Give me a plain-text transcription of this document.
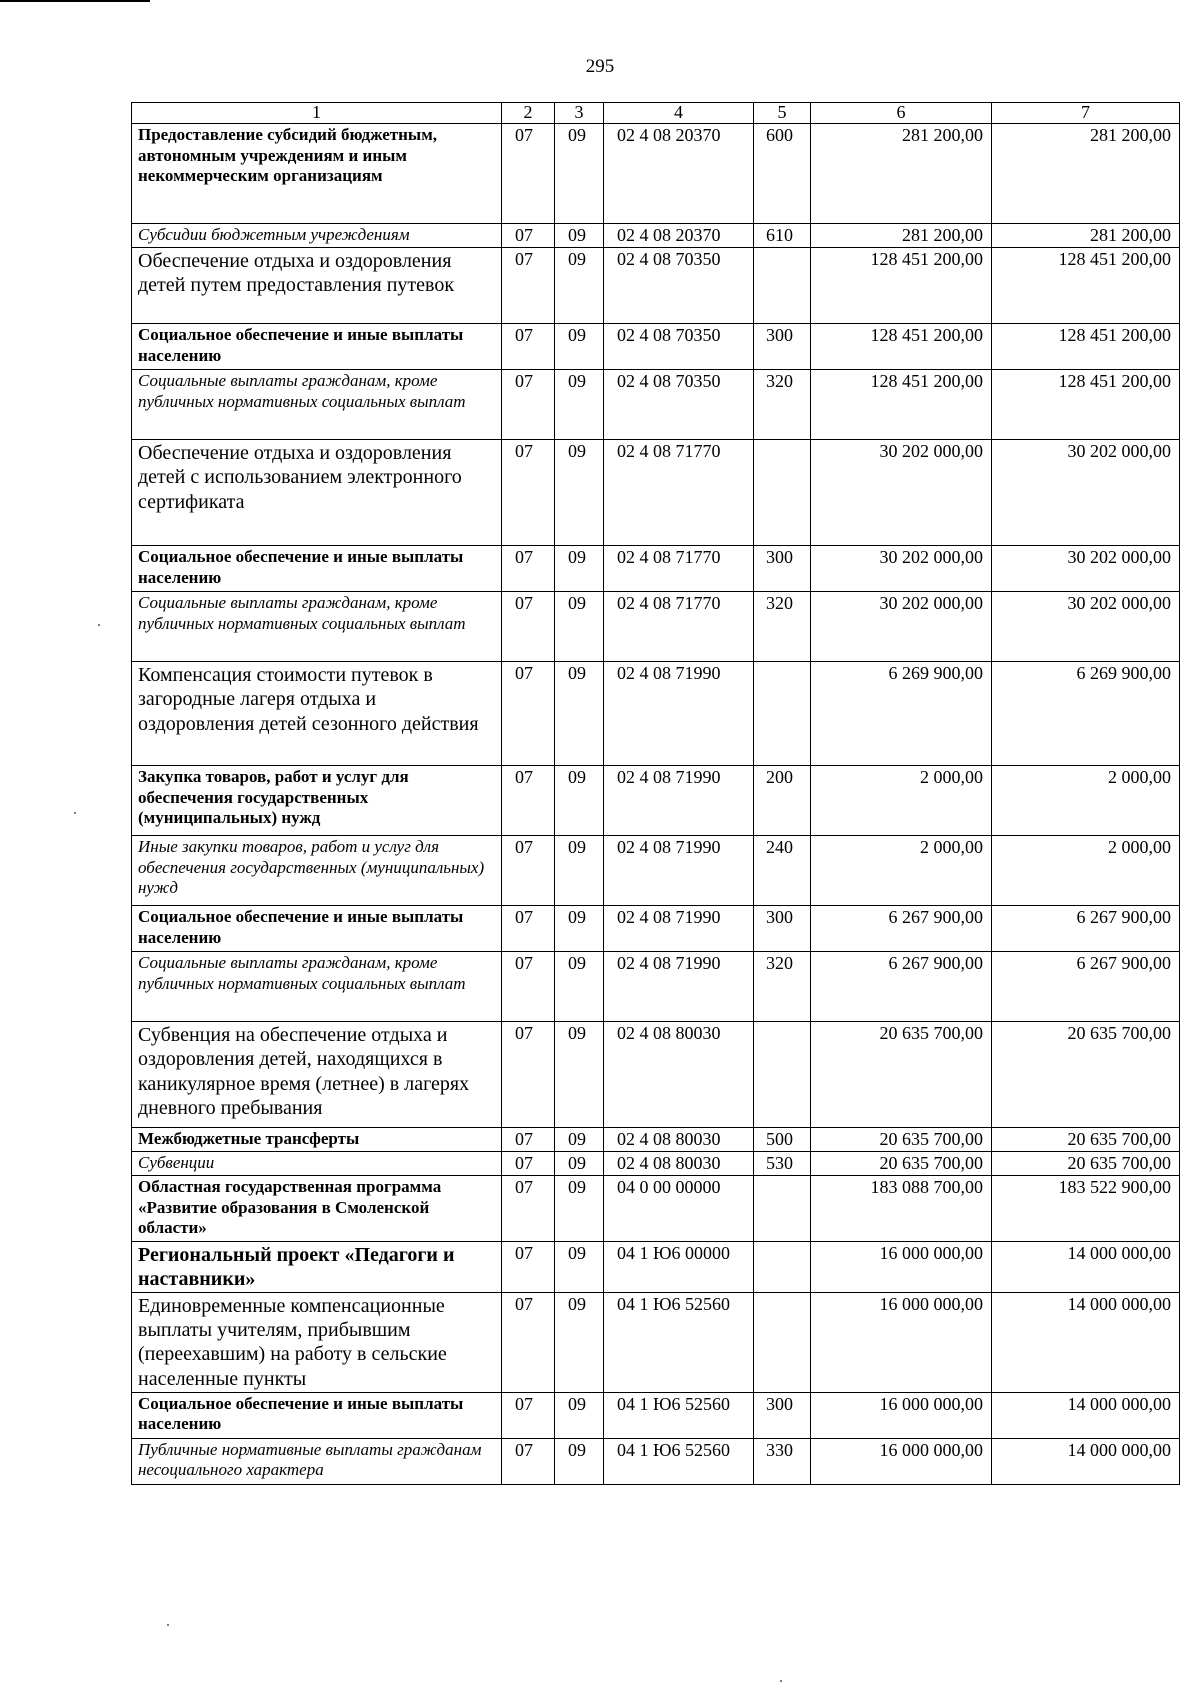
295
1	2	3	4	5	6	7
Предоставление субсидий бюджетным, автономным учреждениям и иным некоммерческим организациям	07	09	02 4 08 20370	600	281 200,00	281 200,00
Субсидии бюджетным учреждениям	07	09	02 4 08 20370	610	281 200,00	281 200,00
Обеспечение отдыха и оздоровления детей путем предоставления путевок	07	09	02 4 08 70350		128 451 200,00	128 451 200,00
Социальное обеспечение и иные выплаты населению	07	09	02 4 08 70350	300	128 451 200,00	128 451 200,00
Социальные выплаты гражданам, кроме публичных нормативных социальных выплат	07	09	02 4 08 70350	320	128 451 200,00	128 451 200,00
Обеспечение отдыха и оздоровления детей с использованием электронного сертификата	07	09	02 4 08 71770		30 202 000,00	30 202 000,00
Социальное обеспечение и иные выплаты населению	07	09	02 4 08 71770	300	30 202 000,00	30 202 000,00
Социальные выплаты гражданам, кроме публичных нормативных социальных выплат	07	09	02 4 08 71770	320	30 202 000,00	30 202 000,00
Компенсация стоимости путевок в загородные лагеря отдыха и оздоровления детей сезонного действия	07	09	02 4 08 71990		6 269 900,00	6 269 900,00
Закупка товаров, работ и услуг для обеспечения государственных (муниципальных) нужд	07	09	02 4 08 71990	200	2 000,00	2 000,00
Иные закупки товаров, работ и услуг для обеспечения государственных (муниципальных) нужд	07	09	02 4 08 71990	240	2 000,00	2 000,00
Социальное обеспечение и иные выплаты населению	07	09	02 4 08 71990	300	6 267 900,00	6 267 900,00
Социальные выплаты гражданам, кроме публичных нормативных социальных выплат	07	09	02 4 08 71990	320	6 267 900,00	6 267 900,00
Субвенция на обеспечение отдыха и оздоровления детей, находящихся в каникулярное время (летнее) в лагерях дневного пребывания	07	09	02 4 08 80030		20 635 700,00	20 635 700,00
Межбюджетные трансферты	07	09	02 4 08 80030	500	20 635 700,00	20 635 700,00
Субвенции	07	09	02 4 08 80030	530	20 635 700,00	20 635 700,00
Областная государственная программа «Развитие образования в Смоленской области»	07	09	04 0 00 00000		183 088 700,00	183 522 900,00
Региональный проект «Педагоги и наставники»	07	09	04 1 Ю6 00000		16 000 000,00	14 000 000,00
Единовременные компенсационные выплаты учителям, прибывшим (переехавшим) на работу в сельские населенные пункты	07	09	04 1 Ю6 52560		16 000 000,00	14 000 000,00
Социальное обеспечение и иные выплаты населению	07	09	04 1 Ю6 52560	300	16 000 000,00	14 000 000,00
Публичные нормативные выплаты гражданам несоциального характера	07	09	04 1 Ю6 52560	330	16 000 000,00	14 000 000,00
